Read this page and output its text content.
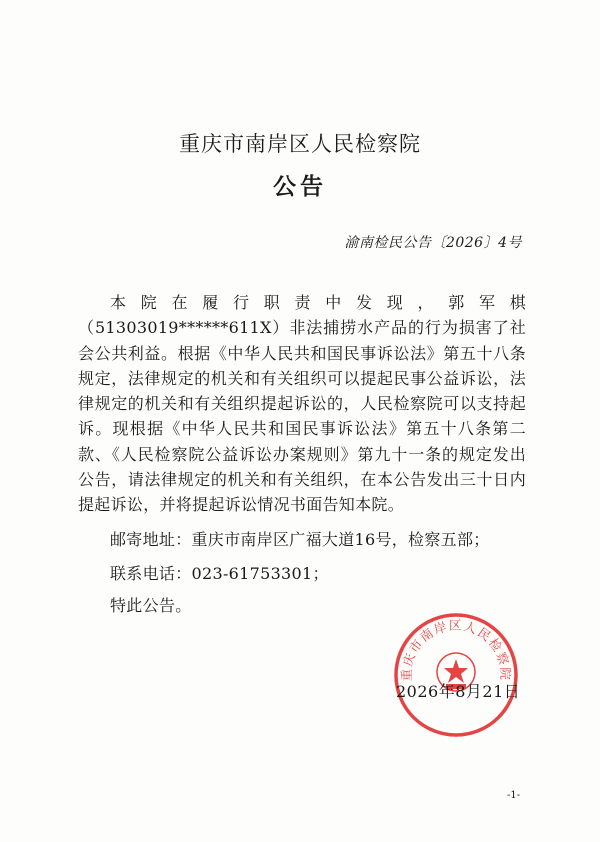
重庆市南岸区人民检察院
公告
渝南检民公告〔2026〕4号
本院在履行职责中发现，郭军棋（51303019******611X）非法捕捞水产品的行为损害了社会公共利益。根据《中华人民共和国民事诉讼法》第五十八条规定，法律规定的机关和有关组织可以提起民事公益诉讼，法律规定的机关和有关组织提起诉讼的，人民检察院可以支持起诉。现根据《中华人民共和国民事诉讼法》第五十八条第二款、《人民检察院公益诉讼办案规则》第九十一条的规定发出公告，请法律规定的机关和有关组织，在本公告发出三十日内提起诉讼，并将提起诉讼情况书面告知本院。
邮寄地址：重庆市南岸区广福大道16号，检察五部；
联系电话：023-61753301；
特此公告。
重庆市南岸区人民检察院
2026年8月21日
-1-
